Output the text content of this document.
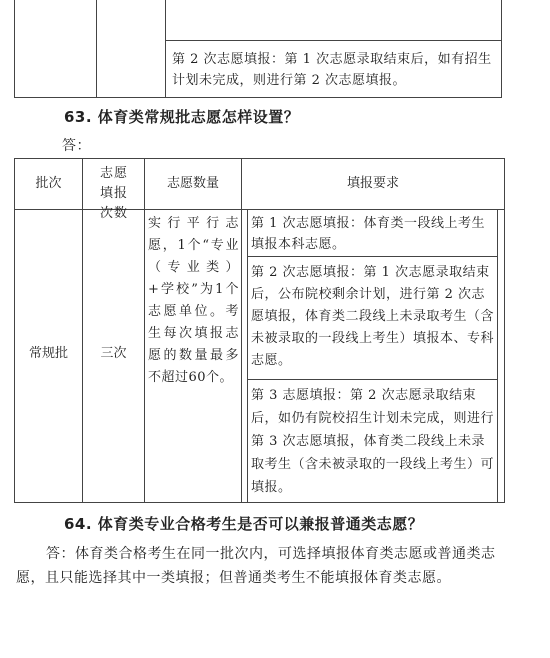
第 2 次志愿填报：第 1 次志愿录取结束后，如有招生计划未完成，则进行第 2 次志愿填报。
63. 体育类常规批志愿怎样设置？
答：
批次
志愿填报次数
志愿数量	填报要求
常规批	三次
实行平行志愿，1个“专业（专业类）+学校”为1个志愿单位。考生每次填报志愿的数量最多不超过60个。
第 1 次志愿填报：体育类一段线上考生填报本科志愿。
第 2 次志愿填报：第 1 次志愿录取结束后，公布院校剩余计划，进行第 2 次志愿填报，体育类二段线上未录取考生（含未被录取的一段线上考生）填报本、专科志愿。
第 3 志愿填报：第 2 次志愿录取结束后，如仍有院校招生计划未完成，则进行第 3 次志愿填报，体育类二段线上未录取考生（含未被录取的一段线上考生）可填报。
64. 体育类专业合格考生是否可以兼报普通类志愿？
答：体育类合格考生在同一批次内，可选择填报体育类志愿或普通类志愿，且只能选择其中一类填报；但普通类考生不能填报体育类志愿。
